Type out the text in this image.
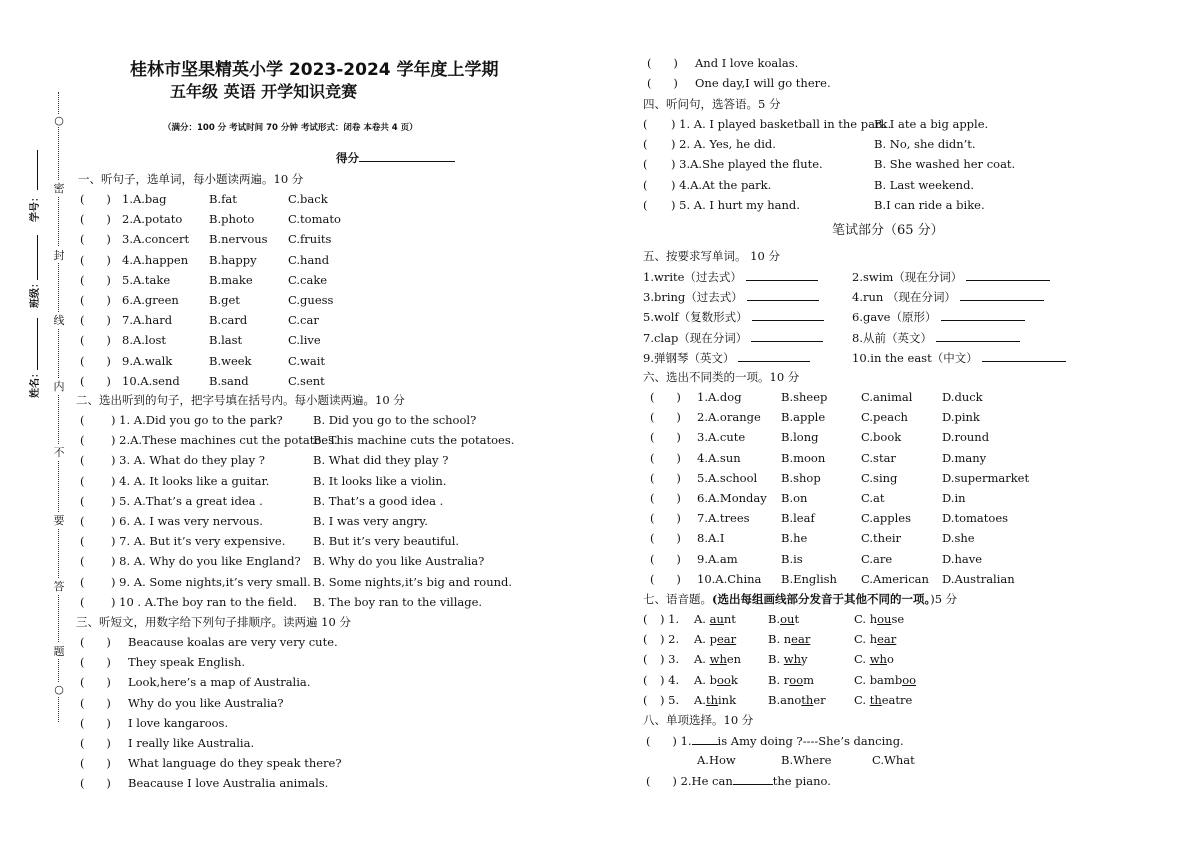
○
密
封
线
内
不
要
答
题
○
学号：
班级：
姓名：
桂林市坚果精英小学 2023-2024 学年度上学期
五年级 英语 开学知识竞赛
（满分：100 分 考试时间 70 分钟 考试形式：闭卷 本卷共 4 页）
得分
一、听句子，选单词，每小题读两遍。10 分
(      ) 1.A.bag	B.fat	C.back
(      ) 2.A.potato B.photo	C.tomato
(      ) 3.A.concert B.nervous C.fruits
(      ) 4.A.happen B.happy	C.hand
(      ) 5.A.take	B.make	C.cake
(      ) 6.A.green	B.get	C.guess
(      ) 7.A.hard	B.card	C.car
(      ) 8.A.lost	B.last	C.live
(      ) 9.A.walk	B.week	C.wait
(      ) 10.A.send	B.sand	C.sent
二、选出听到的句子，把字号填在括号内。每小题读两遍。10 分
( ) 1. A.Did you go to the park?	B. Did you go to the school?
( ) 2.A.These machines cut the potatoes.
B. This machine cuts the potatoes.
( ) 3. A. What do they play ?	B. What did they play ?
( ) 4. A. It looks like a guitar.	B. It looks like a violin.
( ) 5. A.That’s a great idea .	B. That’s a good idea .
( ) 6. A. I was very nervous.	B. I was very angry.
( ) 7. A. But it’s very expensive. B. But it’s very beautiful.
( ) 8. A. Why do you like England? B. Why do you like Australia?
( ) 9. A. Some nights,it’s very small. B. Some nights,it’s big and round.
( ) 10 . A.The boy ran to the field. B. The boy ran to the village.
三、听短文，用数字给下列句子排顺序。读两遍 10 分
(      ) Beacause koalas are very very cute.
(      ) They speak English.
(      ) Look,here’s a map of Australia.
(      ) Why do you like Australia?
(      ) I love kangaroos.
(      ) I really like Australia.
(      ) What language do they speak there?
(      ) Beacause I love Australia animals.
(      ) And I love koalas.
(      ) One day,I will go there.
四、听问句，选答语。5 分
( ) 1. A. I played basketball in the park.
B. I ate a big apple.
( ) 2. A. Yes, he did.	B. No, she didn’t.
( ) 3.A.She played the flute.	B. She washed her coat.
( ) 4.A.At the park.	B. Last weekend.
( ) 5. A. I hurt my hand.	B.I can ride a bike.
笔试部分（65 分）
五、按要求写单词。 10 分
1.write（过去式）	2.swim（现在分词）
3.bring（过去式）	4.run （现在分词）
5.wolf（复数形式）	6.gave（原形）
7.clap（现在分词）	8.从前（英文）
9.弹钢琴（英文）	10.in the east（中文）
六、选出不同类的一项。10 分
(      ) 1.A.dog	B.sheep	C.animal	D.duck
(      ) 2.A.orange B.apple	C.peach	D.pink
(      ) 3.A.cute	B.long	C.book	D.round
(      ) 4.A.sun	B.moon	C.star	D.many
(      ) 5.A.school B.shop	C.sing	D.supermarket
(      ) 6.A.Monday B.on	C.at	D.in
(      ) 7.A.trees	B.leaf	C.apples	D.tomatoes
(      ) 8.A.I	B.he	C.their	D.she
(      ) 9.A.am	B.is	C.are	D.have
(      ) 10.A.China B.English C.American D.Australian
七、语音题。(选出每组画线部分发音于其他不同的一项。)5 分
(
) 1. A. aunt	B.out	C. house
(
) 2. A. pear	B. near	C. hear
(
) 3. A. when B. why	C. who
(
) 4. A. book	B. room	C. bamboo
(
) 5. A.think	B.another C. theatre
八、单项选择。10 分
(      ) 1. is Amy doing ?----She’s dancing.
A.How	B.Where	C.What
(      ) 2.He can	the piano.
